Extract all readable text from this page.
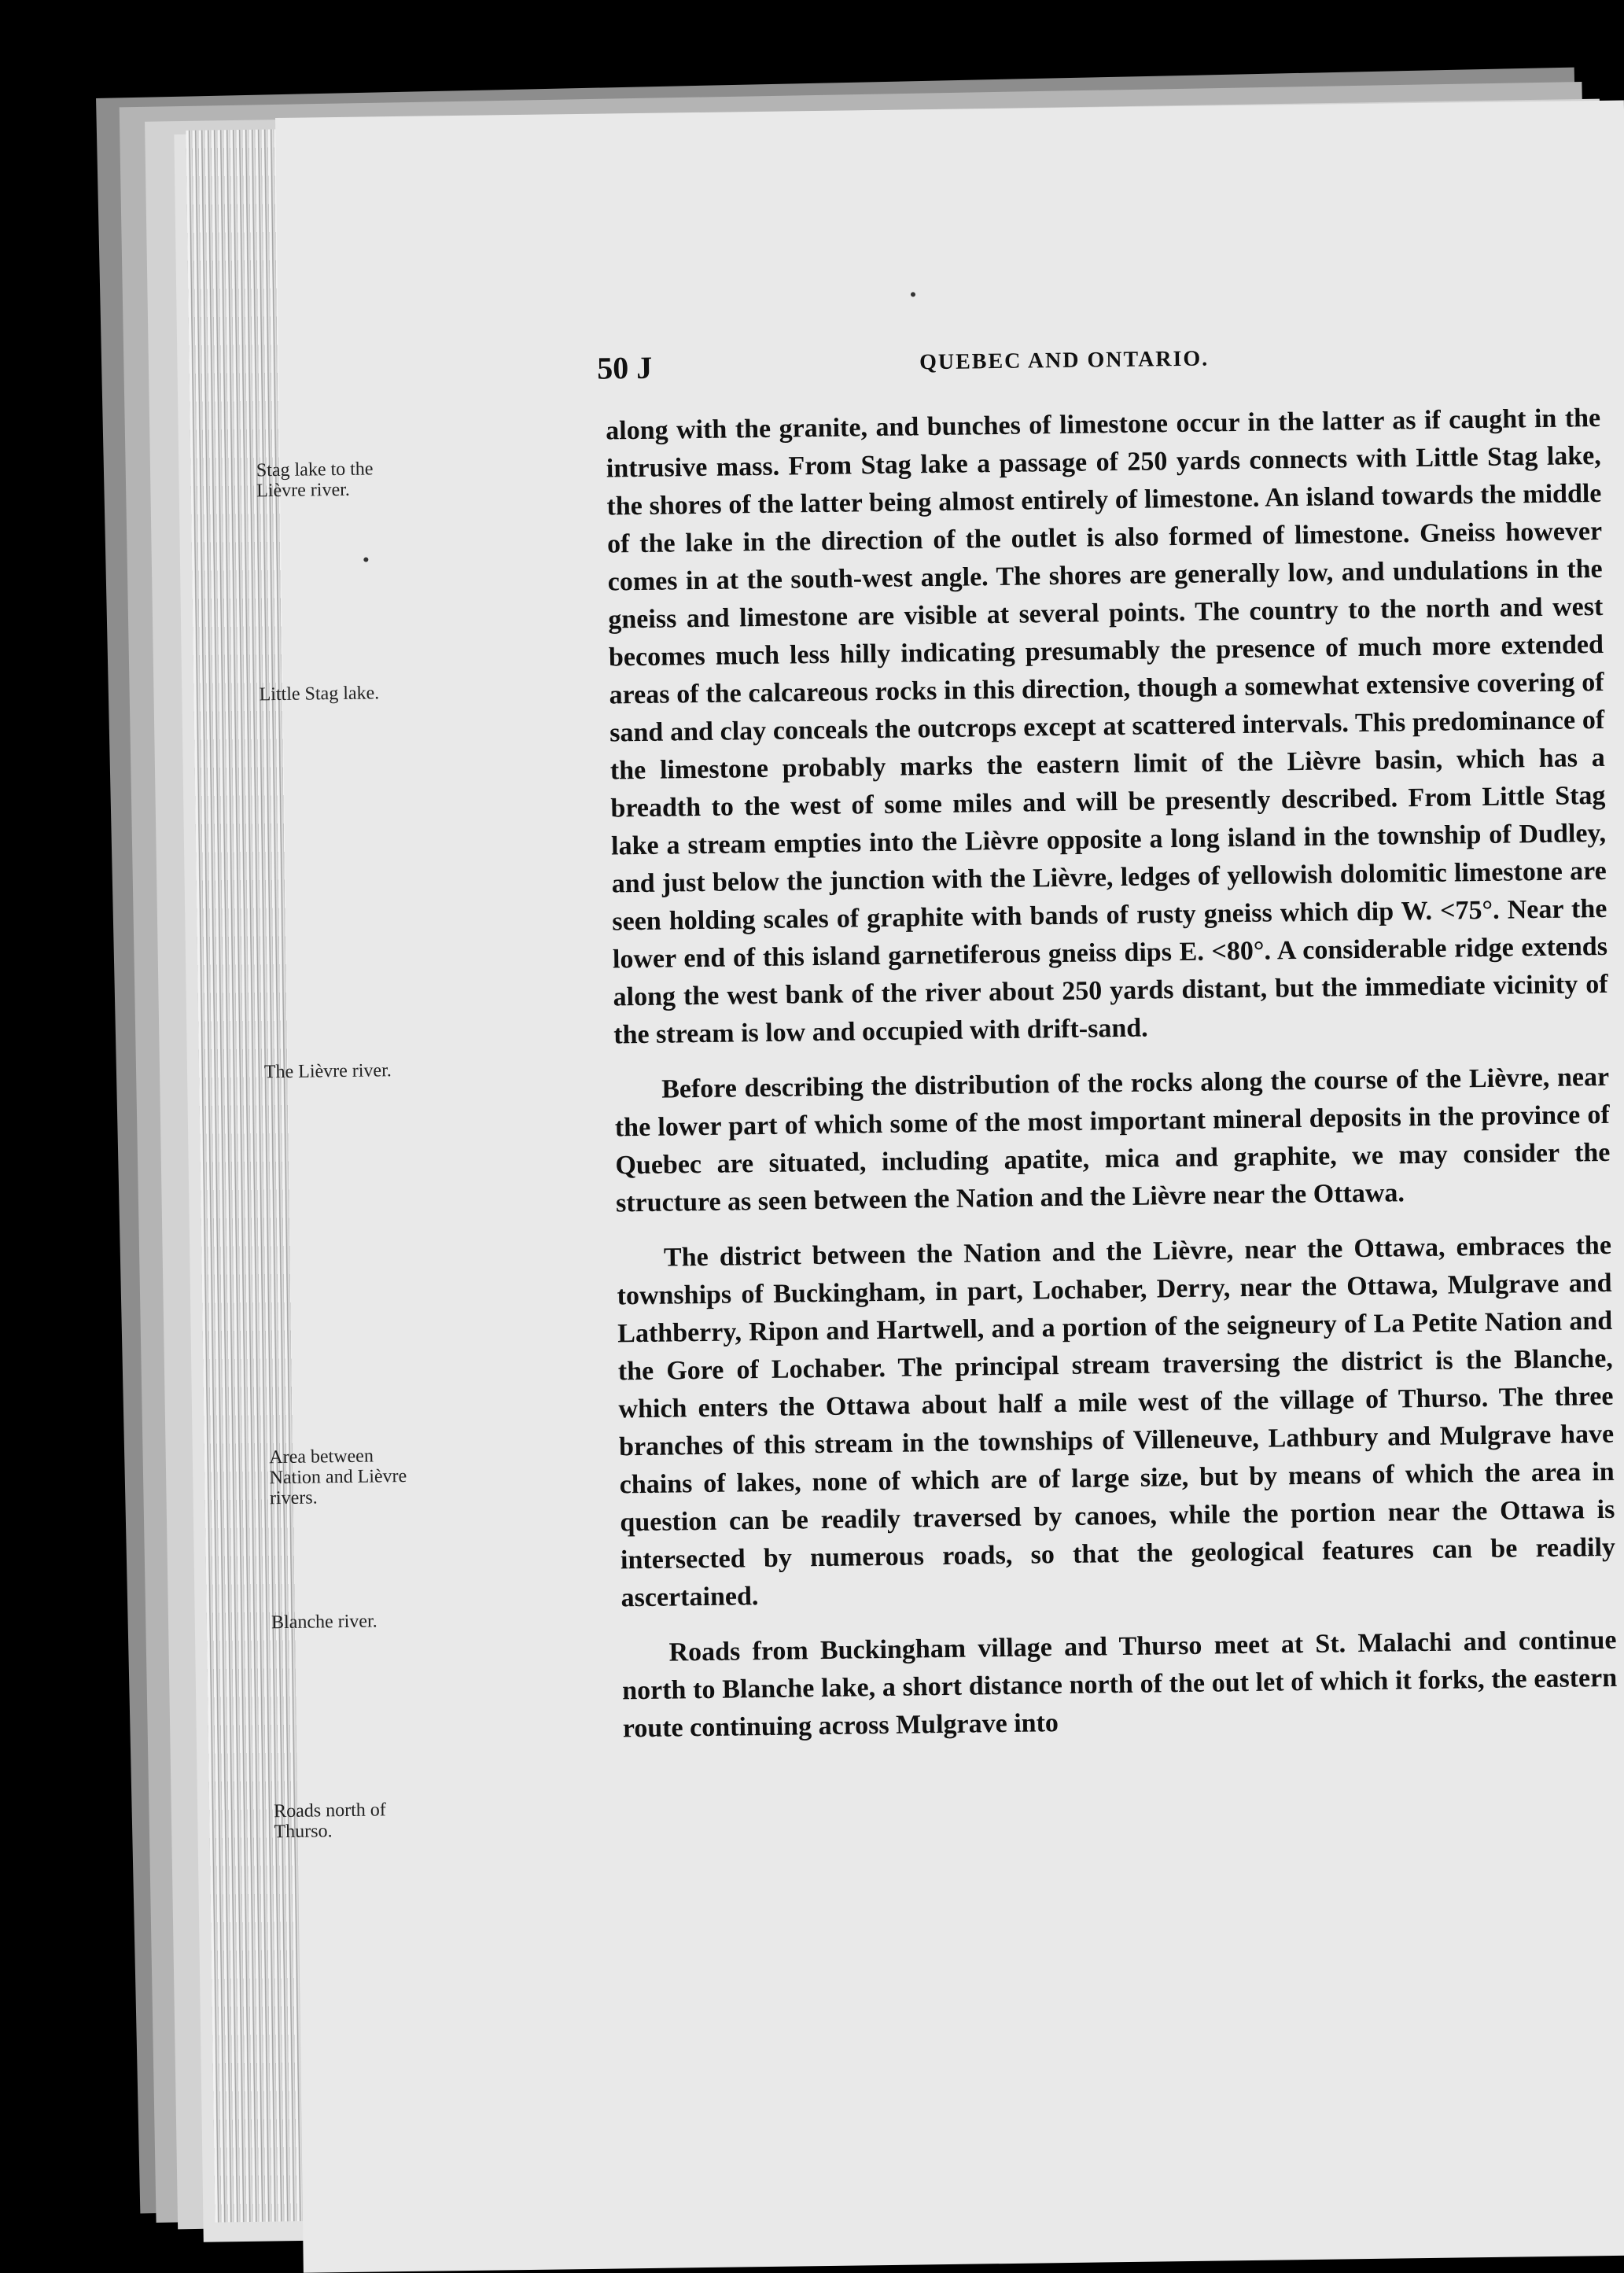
50 J	QUEBEC AND ONTARIO.
Stag lake to the Lièvre river.
Little Stag lake.
The Lièvre river.
Area between Nation and Lièvre rivers.
Blanche river.
Roads north of Thurso.

along with the granite, and bunches of limestone occur in the latter as if caught in the intrusive mass. From Stag lake a passage of 250 yards connects with Little Stag lake, the shores of the latter being almost entirely of limestone. An island towards the middle of the lake in the direction of the outlet is also formed of limestone. Gneiss however comes in at the south-west angle. The shores are generally low, and undulations in the gneiss and limestone are visible at several points. The country to the north and west becomes much less hilly indicating presumably the presence of much more extended areas of the calcareous rocks in this direction, though a somewhat extensive covering of sand and clay conceals the outcrops except at scattered intervals. This predominance of the limestone probably marks the eastern limit of the Lièvre basin, which has a breadth to the west of some miles and will be presently described. From Little Stag lake a stream empties into the Lièvre opposite a long island in the township of Dudley, and just below the junction with the Lièvre, ledges of yellowish dolomitic limestone are seen holding scales of graphite with bands of rusty gneiss which dip W. <75°. Near the lower end of this island garnetiferous gneiss dips E. <80°. A considerable ridge extends along the west bank of the river about 250 yards distant, but the immediate vicinity of the stream is low and occupied with drift-sand.

Before describing the distribution of the rocks along the course of the Lièvre, near the lower part of which some of the most important mineral deposits in the province of Quebec are situated, including apatite, mica and graphite, we may consider the structure as seen between the Nation and the Lièvre near the Ottawa.

The district between the Nation and the Lièvre, near the Ottawa, embraces the townships of Buckingham, in part, Lochaber, Derry, near the Ottawa, Mulgrave and Lathberry, Ripon and Hartwell, and a portion of the seigneury of La Petite Nation and the Gore of Lochaber. The principal stream traversing the district is the Blanche, which enters the Ottawa about half a mile west of the village of Thurso. The three branches of this stream in the townships of Villeneuve, Lathbury and Mulgrave have chains of lakes, none of which are of large size, but by means of which the area in question can be readily traversed by canoes, while the portion near the Ottawa is intersected by numerous roads, so that the geological features can be readily ascertained.

Roads from Buckingham village and Thurso meet at St. Malachi and continue north to Blanche lake, a short distance north of the out let of which it forks, the eastern route continuing across Mulgrave into
